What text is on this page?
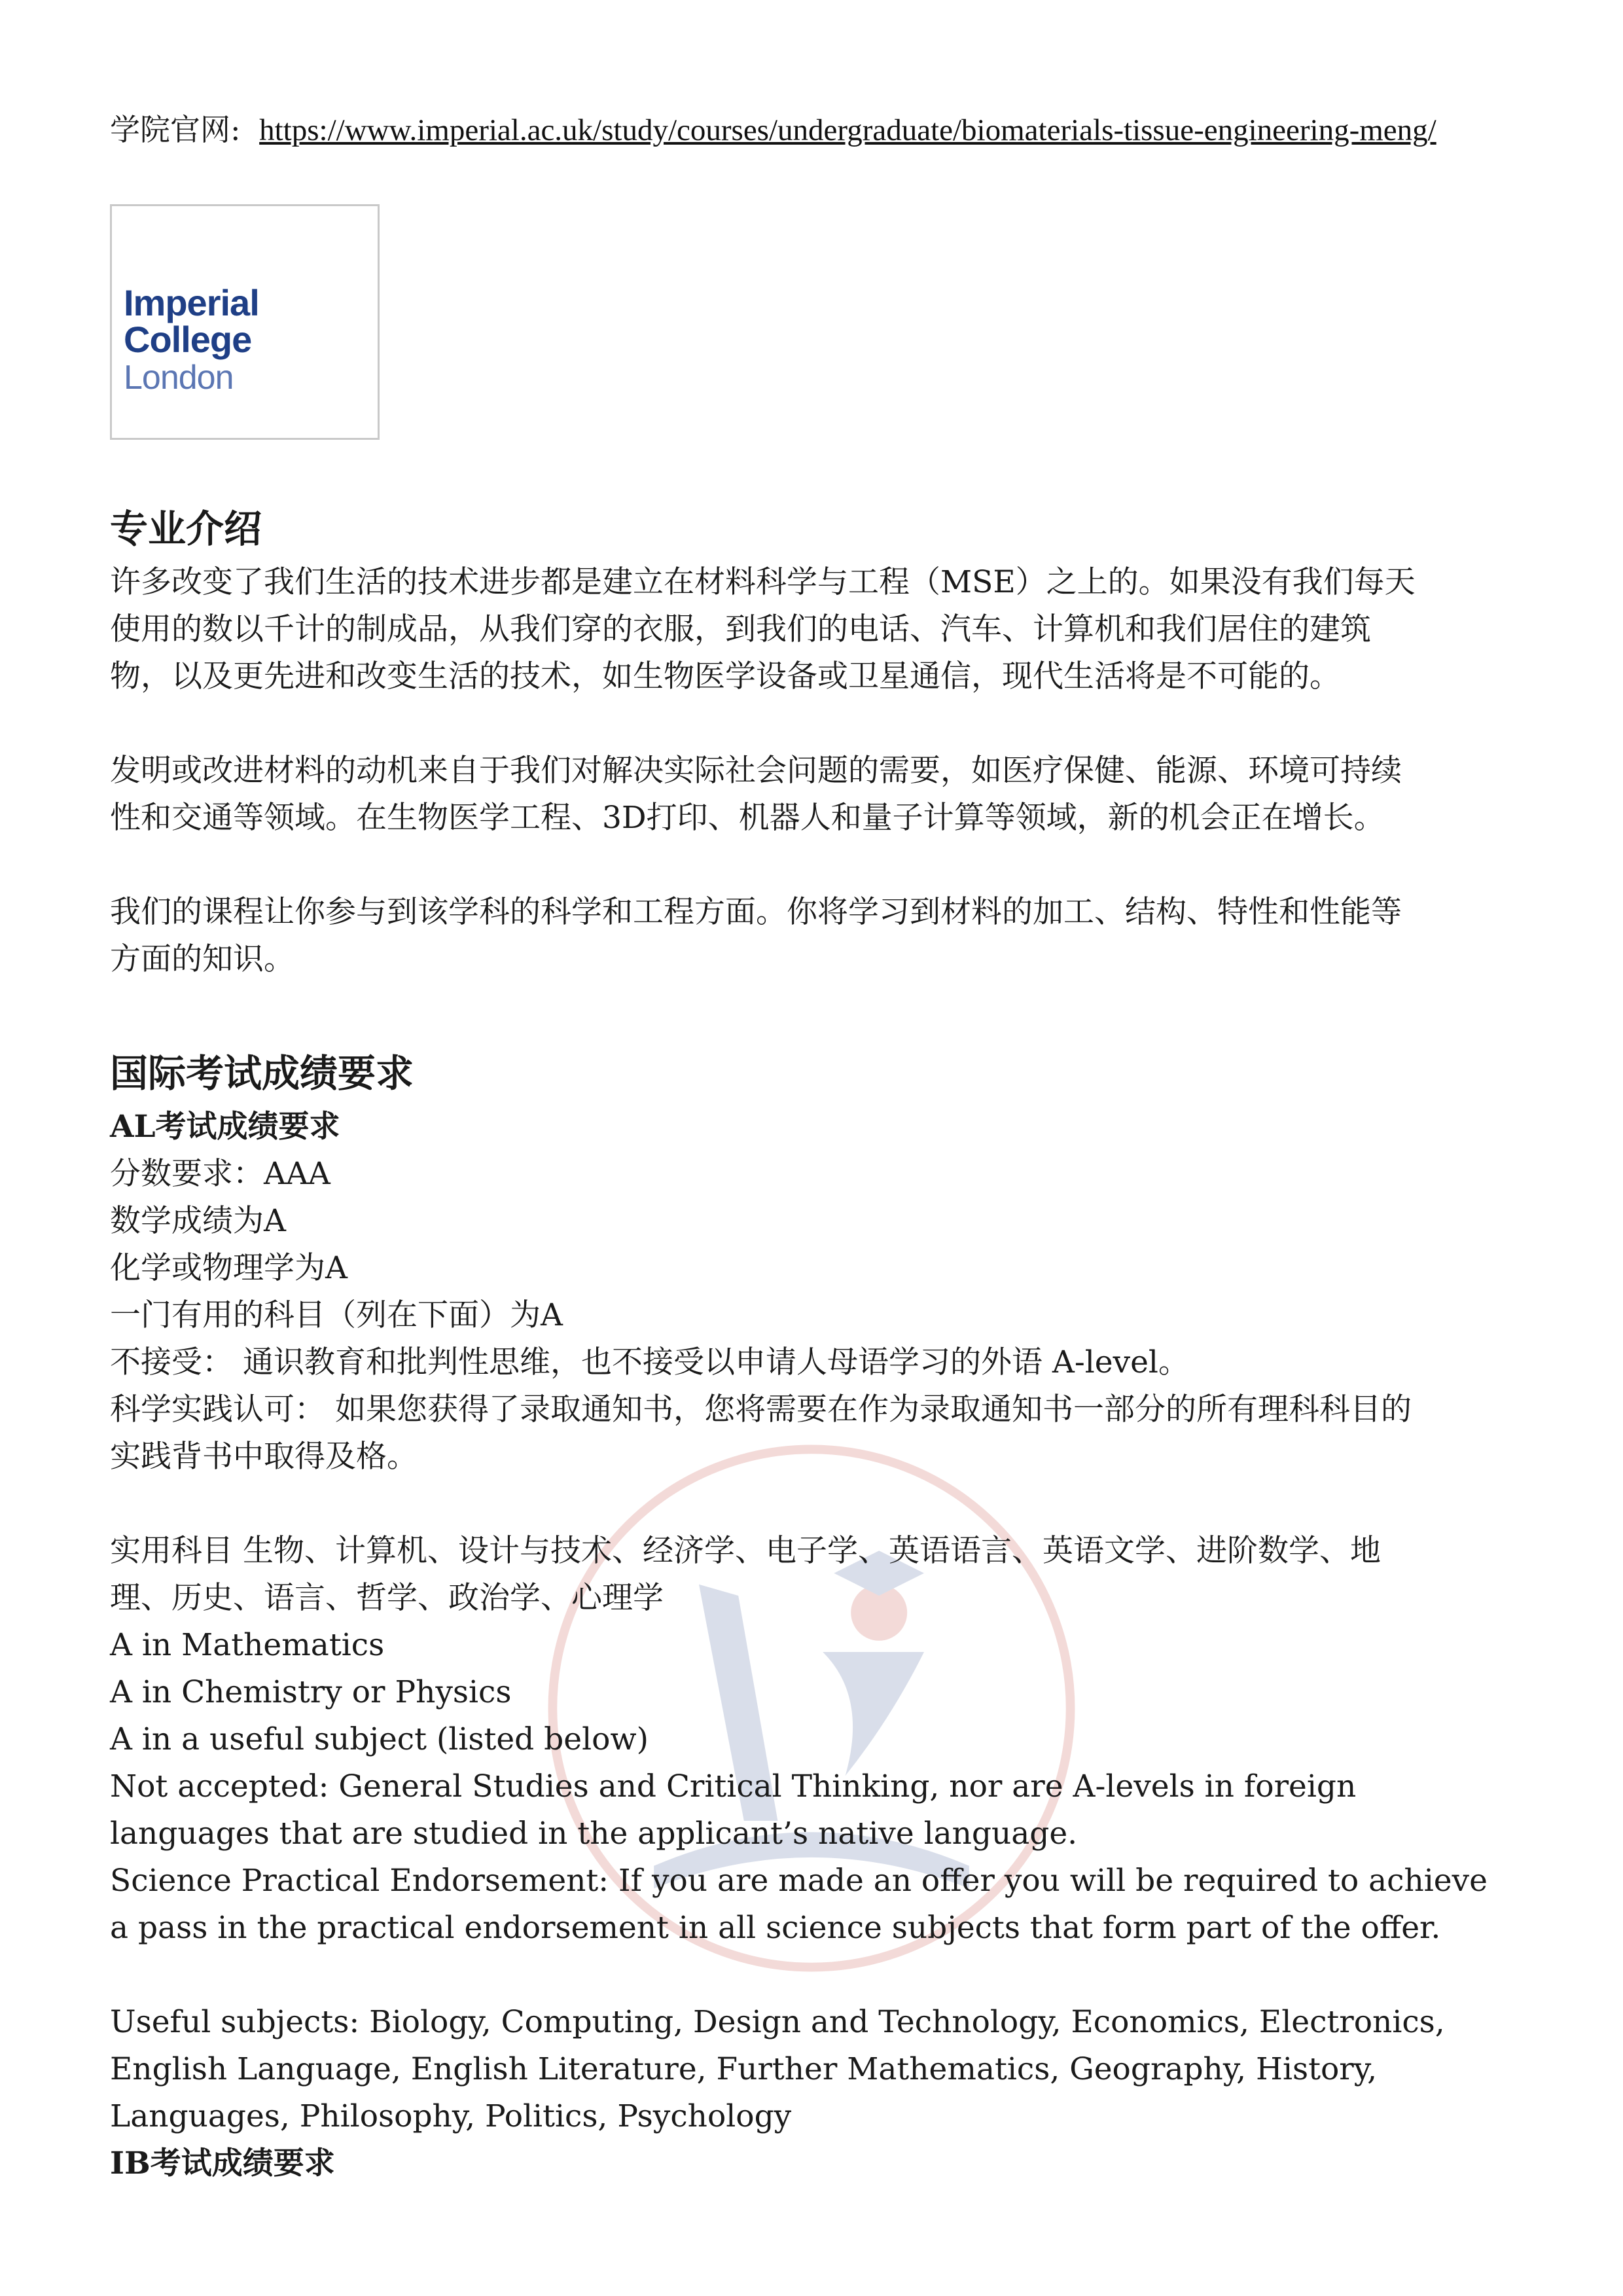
学院官网: https://www.imperial.ac.uk/study/courses/undergraduate/biomaterials-tissue-engineering-meng/
Imperial College
London
专业介绍
许多改变了我们生活的技术进步都是建立在材料科学与工程（MSE）之上的。如果没有我们每天
使用的数以千计的制成品，从我们穿的衣服，到我们的电话、汽车、计算机和我们居住的建筑
物，以及更先进和改变生活的技术，如生物医学设备或卫星通信，现代生活将是不可能的。
发明或改进材料的动机来自于我们对解决实际社会问题的需要，如医疗保健、能源、环境可持续
性和交通等领域。在生物医学工程、3D打印、机器人和量子计算等领域，新的机会正在增长。
我们的课程让你参与到该学科的科学和工程方面。你将学习到材料的加工、结构、特性和性能等
方面的知识。
国际考试成绩要求
AL考试成绩要求
分数要求：AAA
数学成绩为A
化学或物理学为A
一门有用的科目（列在下面）为A
不接受： 通识教育和批判性思维，也不接受以申请人母语学习的外语 A-level。
科学实践认可： 如果您获得了录取通知书，您将需要在作为录取通知书一部分的所有理科科目的
实践背书中取得及格。
实用科目 生物、计算机、设计与技术、经济学、电子学、英语语言、英语文学、进阶数学、地
理、历史、语言、哲学、政治学、心理学
A in Mathematics
A in Chemistry or Physics
A in a useful subject (listed below)
Not accepted: General Studies and Critical Thinking, nor are A-levels in foreign
languages that are studied in the applicant’s native language.
Science Practical Endorsement: If you are made an offer you will be required to achieve
a pass in the practical endorsement in all science subjects that form part of the offer.
Useful subjects: Biology, Computing, Design and Technology, Economics, Electronics,
English Language, English Literature, Further Mathematics, Geography, History,
Languages, Philosophy, Politics, Psychology
IB考试成绩要求
